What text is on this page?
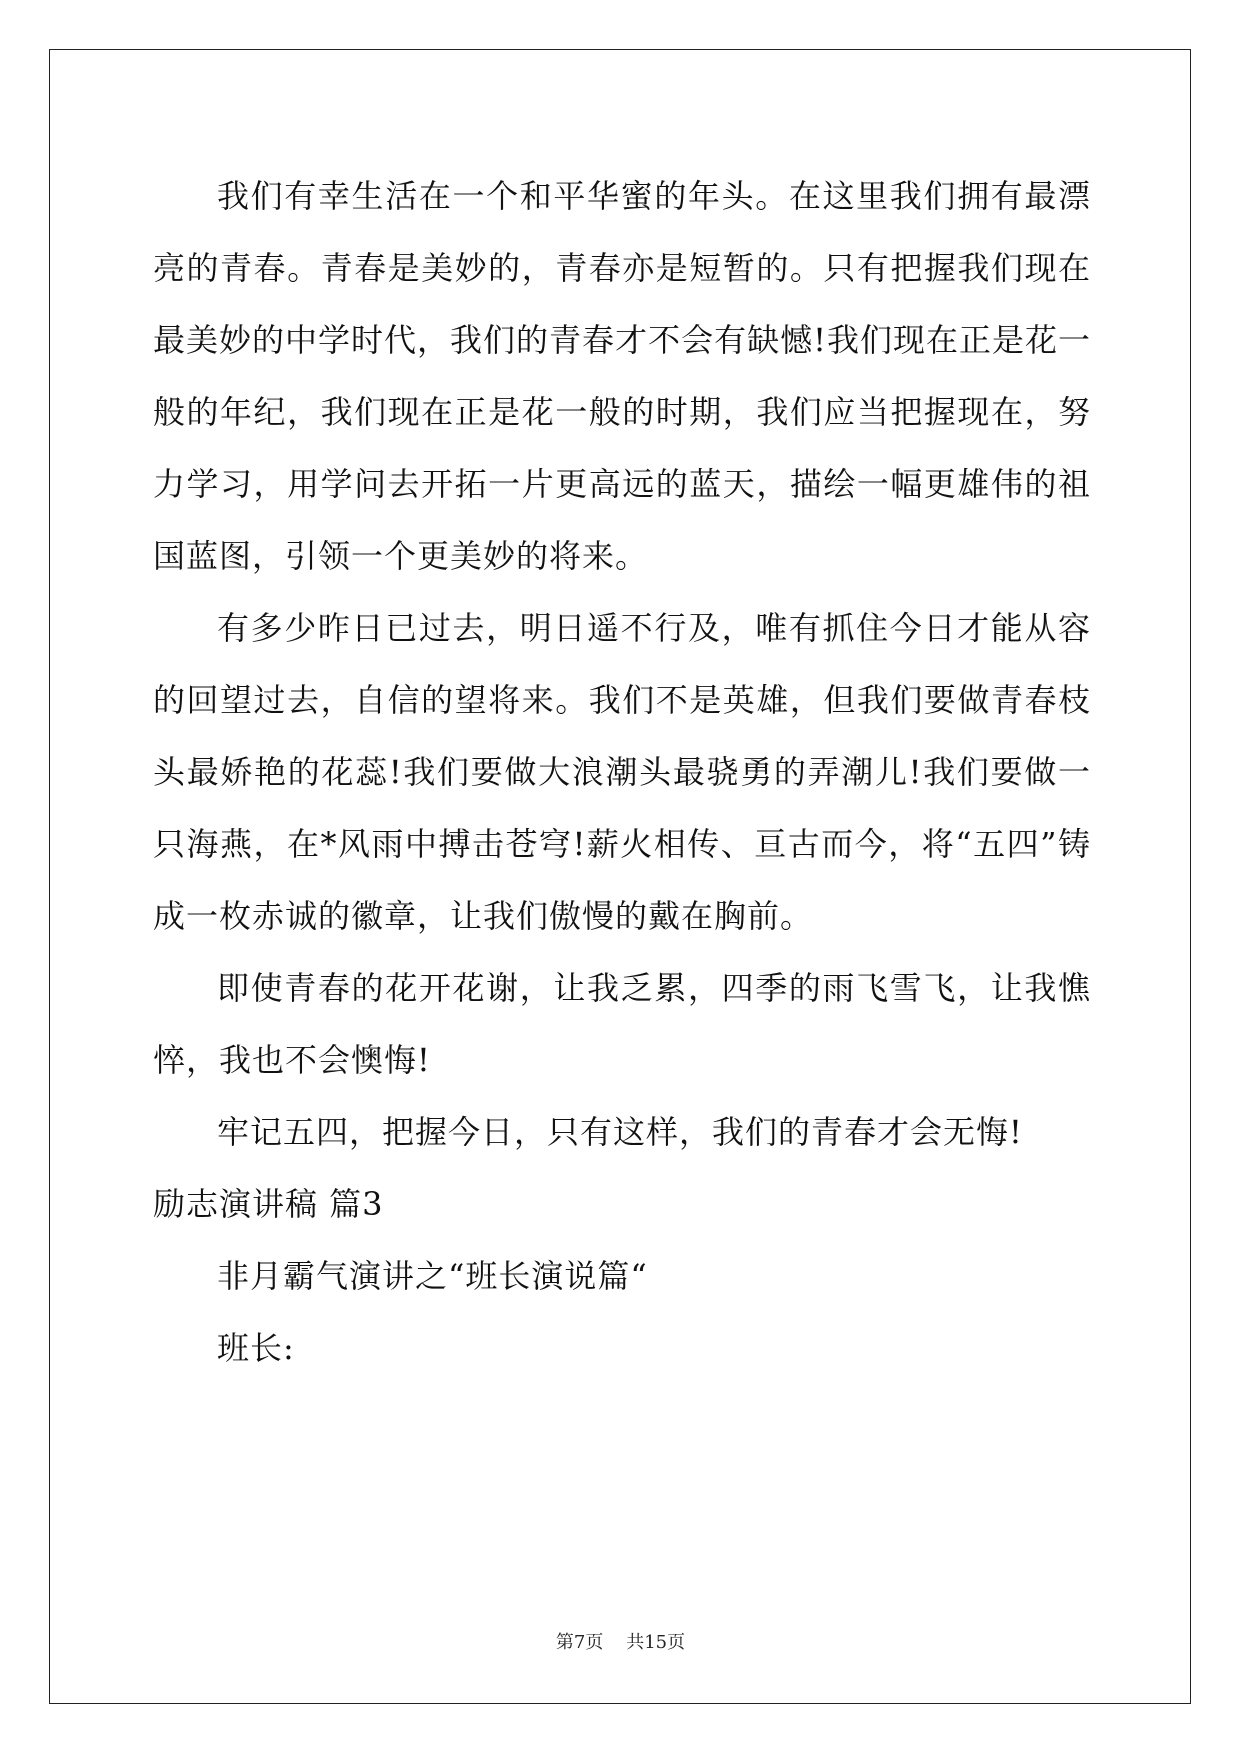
我们有幸生活在一个和平华蜜的年头。在这里我们拥有最漂亮的青春。青春是美妙的，青春亦是短暂的。只有把握我们现在最美妙的中学时代，我们的青春才不会有缺憾!我们现在正是花一般的年纪，我们现在正是花一般的时期，我们应当把握现在，努力学习，用学问去开拓一片更高远的蓝天，描绘一幅更雄伟的祖国蓝图，引领一个更美妙的将来。

有多少昨日已过去，明日遥不行及，唯有抓住今日才能从容的回望过去，自信的望将来。我们不是英雄，但我们要做青春枝头最娇艳的花蕊!我们要做大浪潮头最骁勇的弄潮儿!我们要做一只海燕，在*风雨中搏击苍穹!薪火相传、亘古而今，将“五四”铸成一枚赤诚的徽章，让我们傲慢的戴在胸前。

即使青春的花开花谢，让我乏累，四季的雨飞雪飞，让我憔悴，我也不会懊悔!

牢记五四，把握今日，只有这样，我们的青春才会无悔!

励志演讲稿 篇3

非月霸气演讲之“班长演说篇“

班长:

第7页 共15页
